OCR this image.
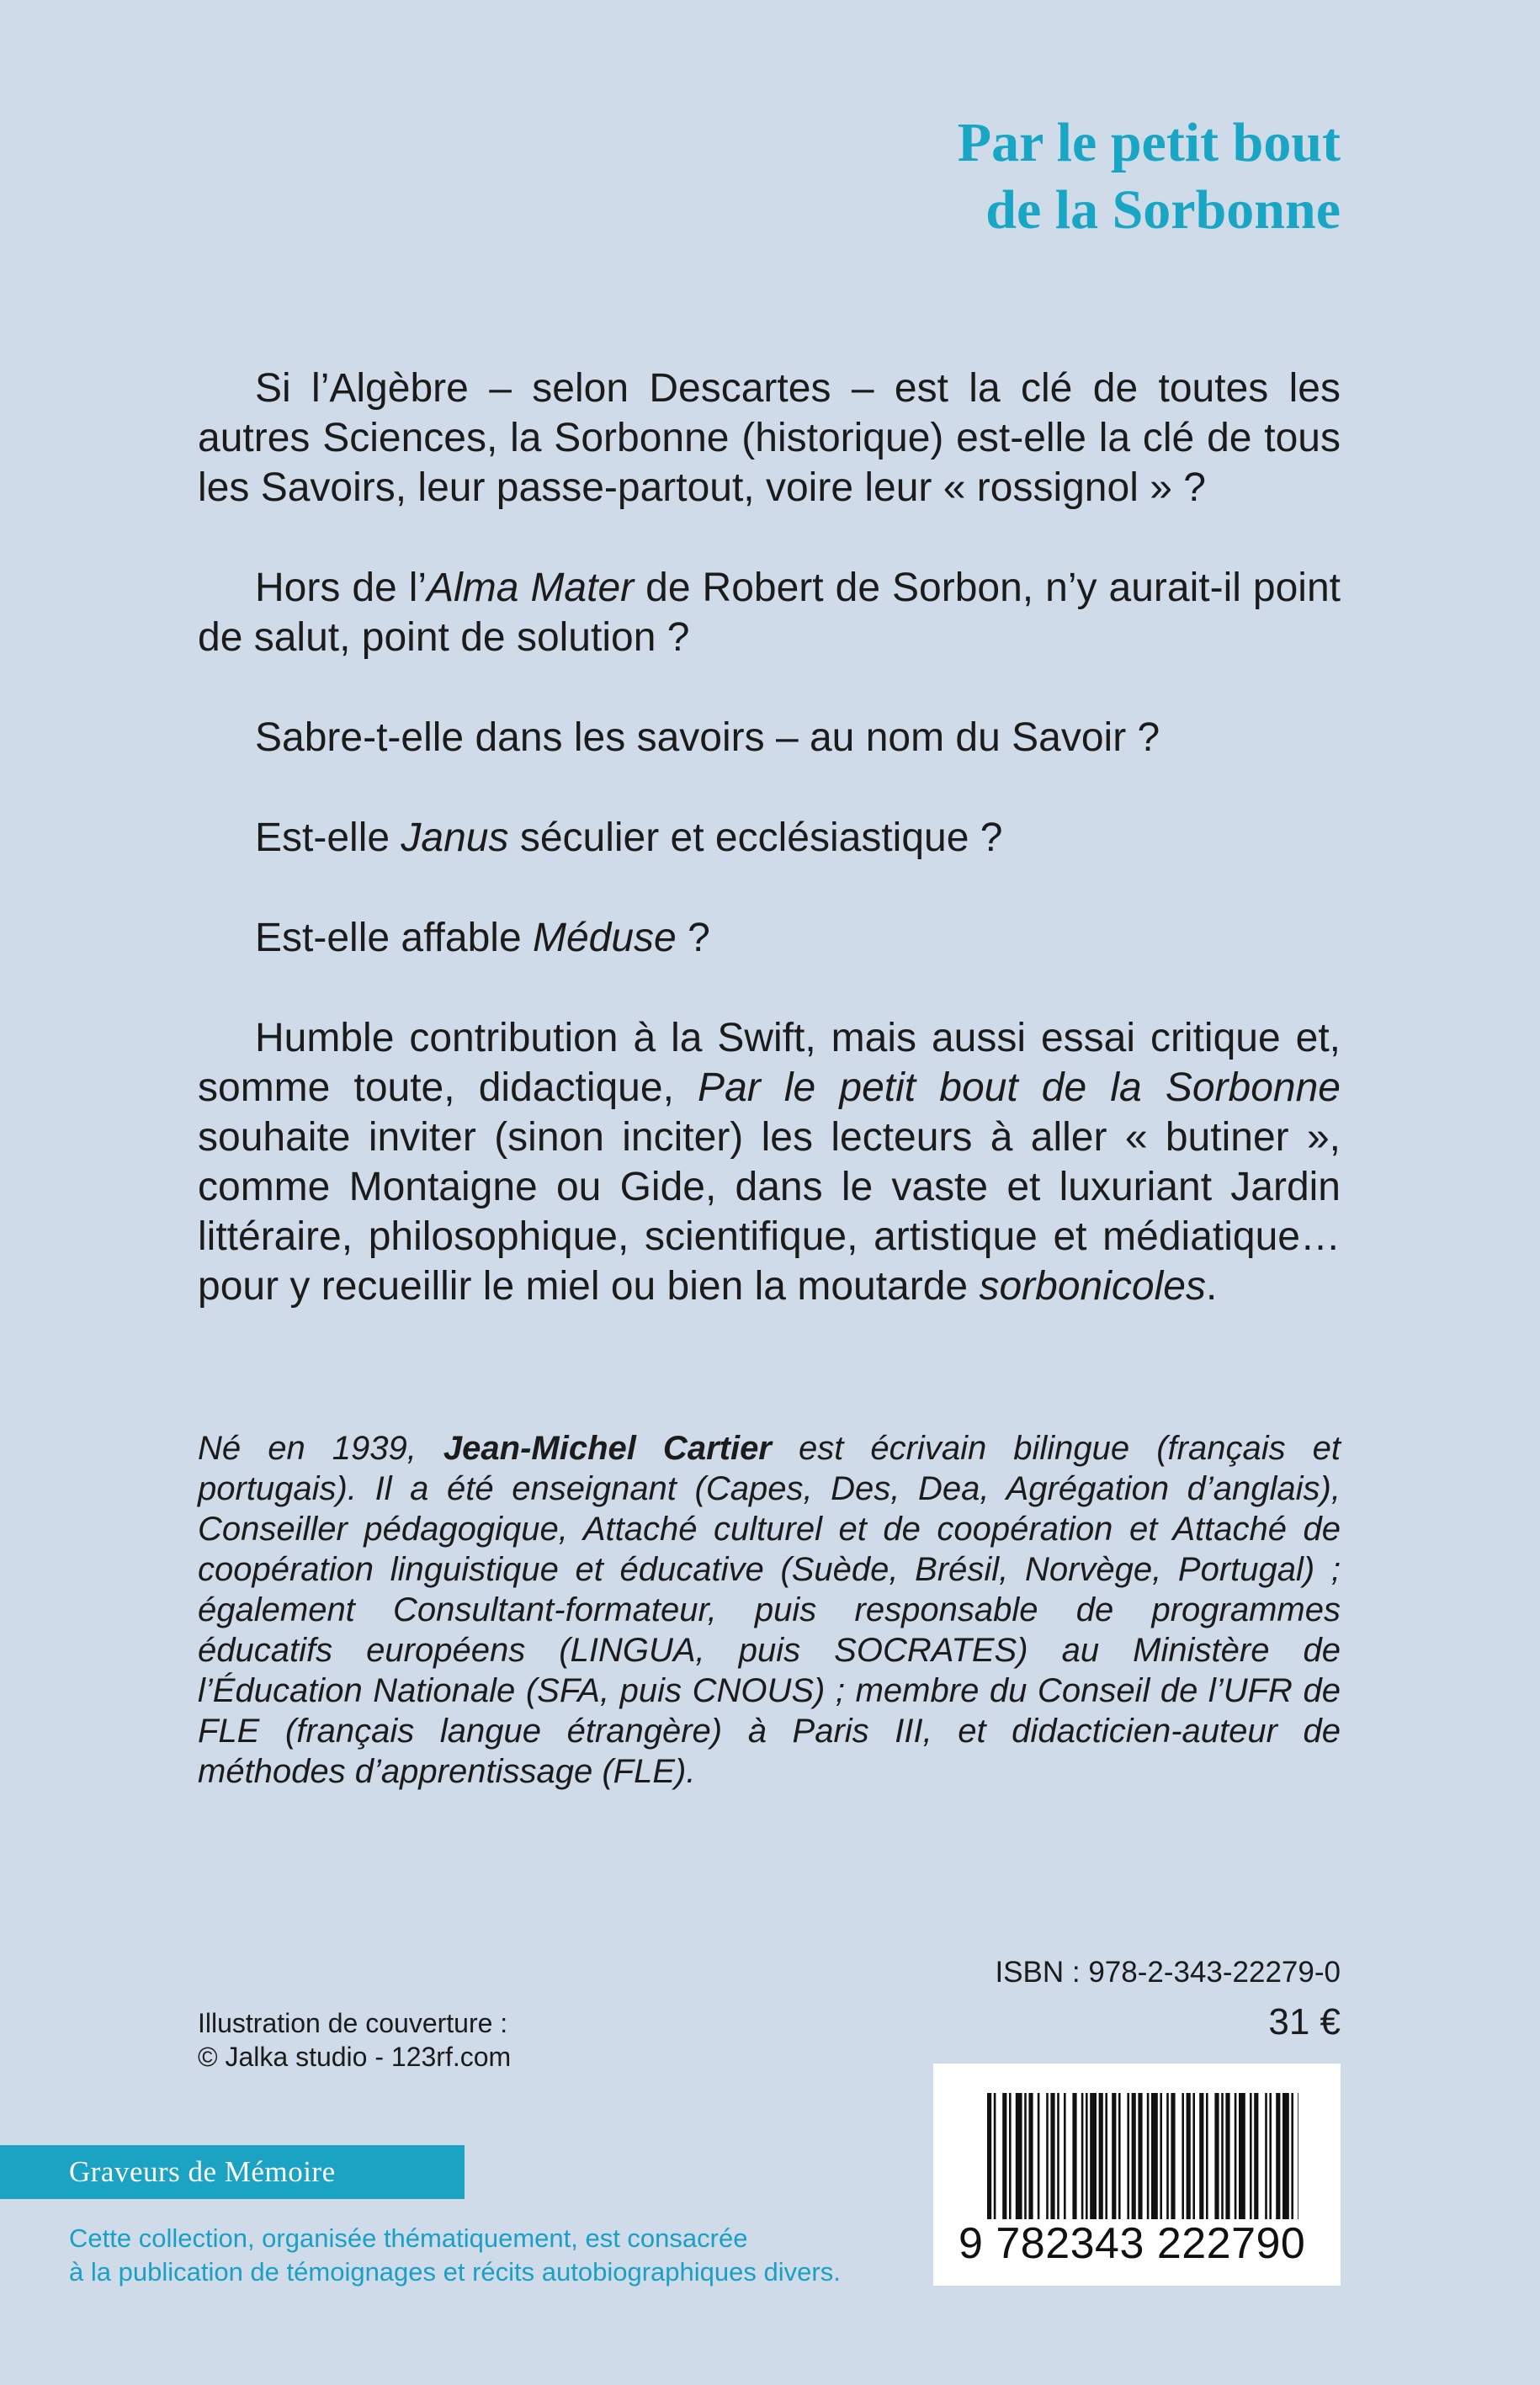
Par le petit bout
de la Sorbonne

Si l’Algèbre – selon Descartes – est la clé de toutes les autres Sciences, la Sorbonne (historique) est-elle la clé de tous les Savoirs, leur passe-partout, voire leur « rossignol » ?

Hors de l’Alma Mater de Robert de Sorbon, n’y aurait-il point de salut, point de solution ?

Sabre-t-elle dans les savoirs – au nom du Savoir ?

Est-elle Janus séculier et ecclésiastique ?

Est-elle affable Méduse ?

Humble contribution à la Swift, mais aussi essai critique et, somme toute, didactique, Par le petit bout de la Sorbonne souhaite inviter (sinon inciter) les lecteurs à aller « butiner », comme Montaigne ou Gide, dans le vaste et luxuriant Jardin littéraire, philosophique, scientifique, artistique et médiatique… pour y recueillir le miel ou bien la moutarde sorbonicoles.

Né en 1939, Jean-Michel Cartier est écrivain bilingue (français et portugais). Il a été enseignant (Capes, Des, Dea, Agrégation d’anglais), Conseiller pédagogique, Attaché culturel et de coopération et Attaché de coopération linguistique et éducative (Suède, Brésil, Norvège, Portugal) ; également Consultant-formateur, puis responsable de programmes éducatifs européens (LINGUA, puis SOCRATES) au Ministère de l’Éducation Nationale (SFA, puis CNOUS) ; membre du Conseil de l’UFR de FLE (français langue étrangère) à Paris III, et didacticien-auteur de méthodes d’apprentissage (FLE).

ISBN : 978-2-343-22279-0
31 €
Illustration de couverture :
© Jalka studio - 123rf.com
9 782343 222790
Graveurs de Mémoire
Cette collection, organisée thématiquement, est consacrée
à la publication de témoignages et récits autobiographiques divers.
